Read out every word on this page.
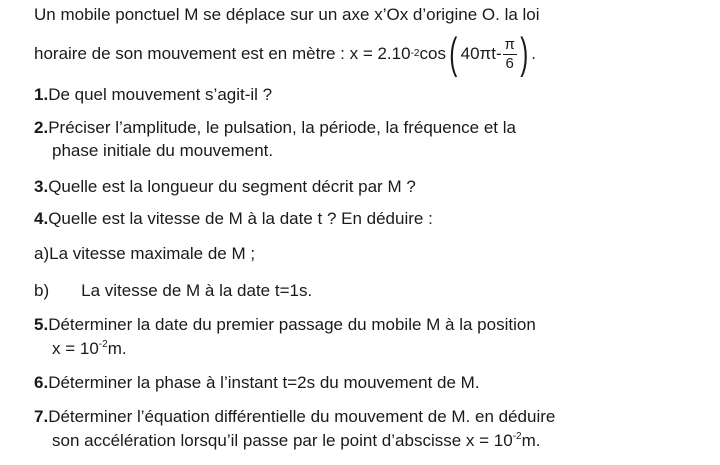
Un mobile ponctuel M se déplace sur un axe x’Ox d’origine O. la loi
horaire de son mouvement est en mètre : x = 2.10 -2 cos ( $40\pi t- \frac{\pi}{6}$ ) .
1.De quel mouvement s’agit-il ?
2.Préciser l’amplitude, le pulsation, la période, la fréquence et la
phase initiale du mouvement.
3.Quelle est la longueur du segment décrit par M ?
4.Quelle est la vitesse de M à la date t ? En déduire :
a)La vitesse maximale de M ;
b) La vitesse de M à la date t=1s.
5.Déterminer la date du premier passage du mobile M à la position
$x = 10^{-2}m$.
6.Déterminer la phase à l’instant t=2s du mouvement de M.
7.Déterminer l’équation différentielle du mouvement de M. en déduire
son accélération lorsqu’il passe par le point d’abscisse $x = 10^{-2}m$.
